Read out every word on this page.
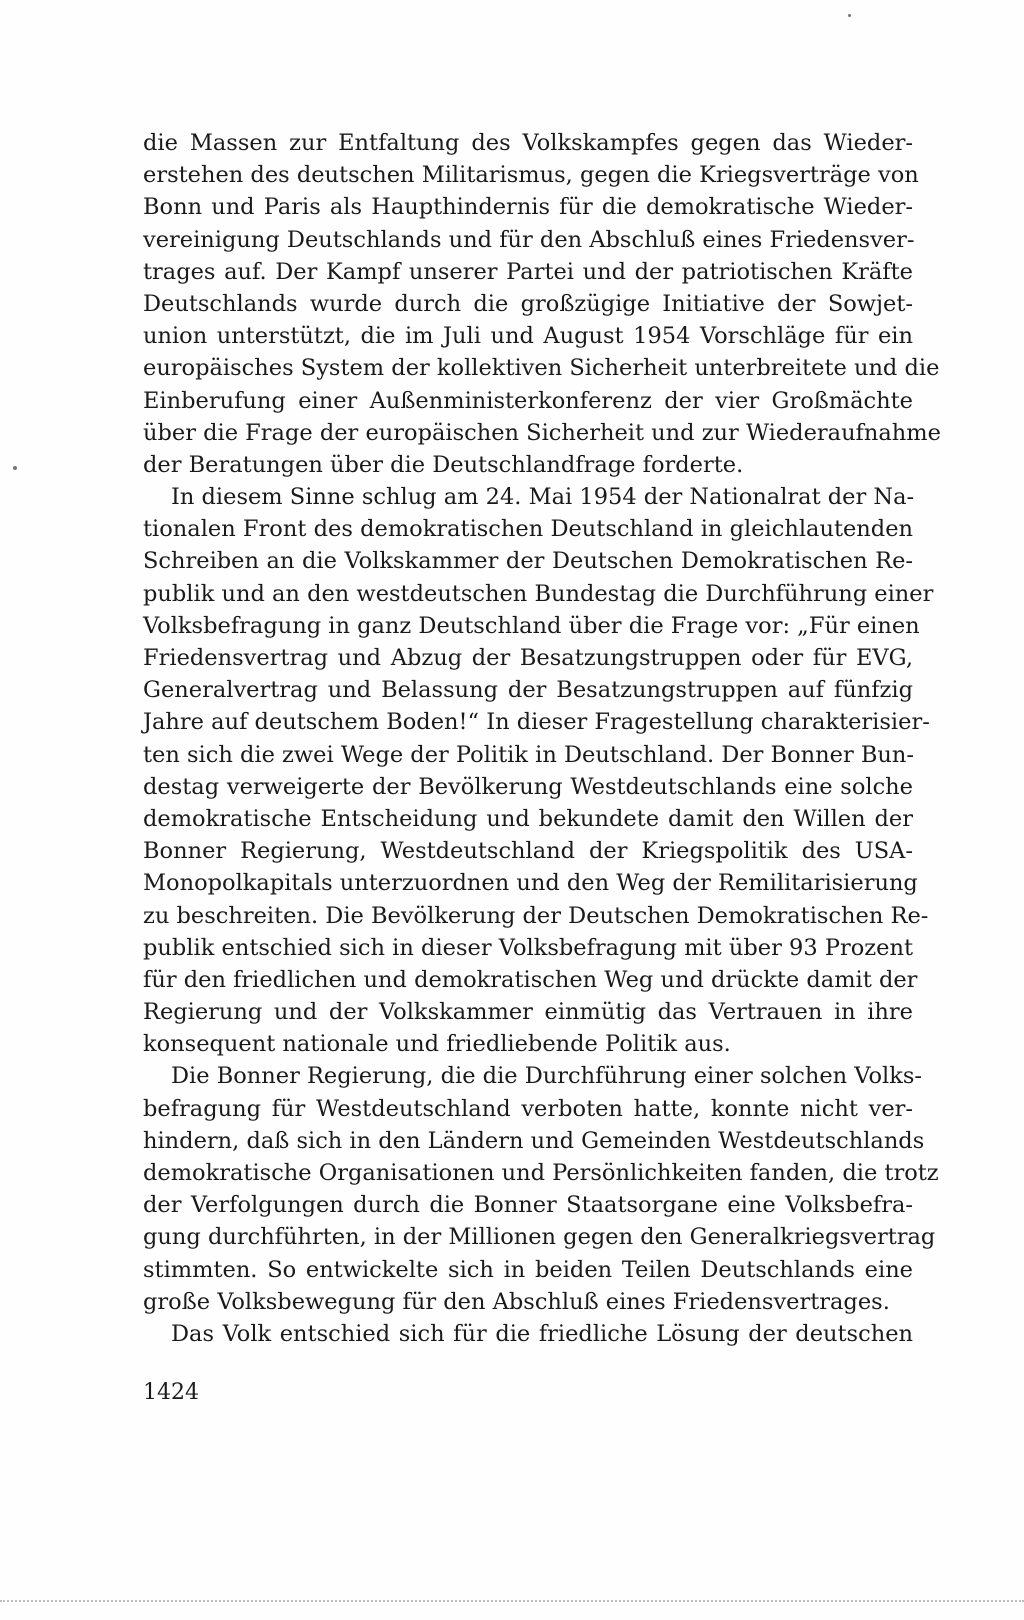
die Massen zur Entfaltung des Volkskampfes gegen das Wieder-
erstehen des deutschen Militarismus, gegen die Kriegsverträge von
Bonn und Paris als Haupthindernis für die demokratische Wieder-
vereinigung Deutschlands und für den Abschluß eines Friedensver-
trages auf. Der Kampf unserer Partei und der patriotischen Kräfte
Deutschlands wurde durch die großzügige Initiative der Sowjet-
union unterstützt, die im Juli und August 1954 Vorschläge für ein
europäisches System der kollektiven Sicherheit unterbreitete und die
Einberufung einer Außenministerkonferenz der vier Großmächte
über die Frage der europäischen Sicherheit und zur Wiederaufnahme
der Beratungen über die Deutschlandfrage forderte.
In diesem Sinne schlug am 24. Mai 1954 der Nationalrat der Na-
tionalen Front des demokratischen Deutschland in gleichlautenden
Schreiben an die Volkskammer der Deutschen Demokratischen Re-
publik und an den westdeutschen Bundestag die Durchführung einer
Volksbefragung in ganz Deutschland über die Frage vor: „Für einen
Friedensvertrag und Abzug der Besatzungstruppen oder für EVG,
Generalvertrag und Belassung der Besatzungstruppen auf fünfzig
Jahre auf deutschem Boden!“ In dieser Fragestellung charakterisier-
ten sich die zwei Wege der Politik in Deutschland. Der Bonner Bun-
destag verweigerte der Bevölkerung Westdeutschlands eine solche
demokratische Entscheidung und bekundete damit den Willen der
Bonner Regierung, Westdeutschland der Kriegspolitik des USA-
Monopolkapitals unterzuordnen und den Weg der Remilitarisierung
zu beschreiten. Die Bevölkerung der Deutschen Demokratischen Re-
publik entschied sich in dieser Volksbefragung mit über 93 Prozent
für den friedlichen und demokratischen Weg und drückte damit der
Regierung und der Volkskammer einmütig das Vertrauen in ihre
konsequent nationale und friedliebende Politik aus.
Die Bonner Regierung, die die Durchführung einer solchen Volks-
befragung für Westdeutschland verboten hatte, konnte nicht ver-
hindern, daß sich in den Ländern und Gemeinden Westdeutschlands
demokratische Organisationen und Persönlichkeiten fanden, die trotz
der Verfolgungen durch die Bonner Staatsorgane eine Volksbefra-
gung durchführten, in der Millionen gegen den Generalkriegsvertrag
stimmten. So entwickelte sich in beiden Teilen Deutschlands eine
große Volksbewegung für den Abschluß eines Friedensvertrages.
Das Volk entschied sich für die friedliche Lösung der deutschen
1424
